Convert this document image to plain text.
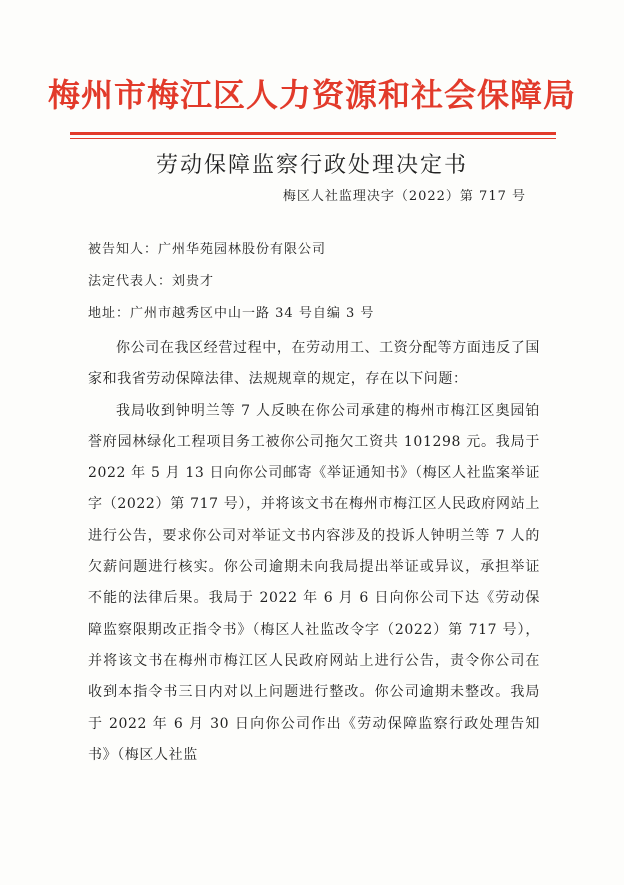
梅州市梅江区人力资源和社会保障局
劳动保障监察行政处理决定书
梅区人社监理决字（2022）第 717 号
被告知人：广州华苑园林股份有限公司
法定代表人：刘贵才
地址：广州市越秀区中山一路 34 号自编 3 号

你公司在我区经营过程中，在劳动用工、工资分配等方面违反了国家和我省劳动保障法律、法规规章的规定，存在以下问题：

我局收到钟明兰等 7 人反映在你公司承建的梅州市梅江区奥园铂誉府园林绿化工程项目务工被你公司拖欠工资共 101298 元。我局于 2022 年 5 月 13 日向你公司邮寄《举证通知书》（梅区人社监案举证字（2022）第 717 号），并将该文书在梅州市梅江区人民政府网站上进行公告，要求你公司对举证文书内容涉及的投诉人钟明兰等 7 人的欠薪问题进行核实。你公司逾期未向我局提出举证或异议，承担举证不能的法律后果。我局于 2022 年 6 月 6 日向你公司下达《劳动保障监察限期改正指令书》（梅区人社监改令字（2022）第 717 号），并将该文书在梅州市梅江区人民政府网站上进行公告，责令你公司在收到本指令书三日内对以上问题进行整改。你公司逾期未整改。我局于 2022 年 6 月 30 日向你公司作出《劳动保障监察行政处理告知书》（梅区人社监
